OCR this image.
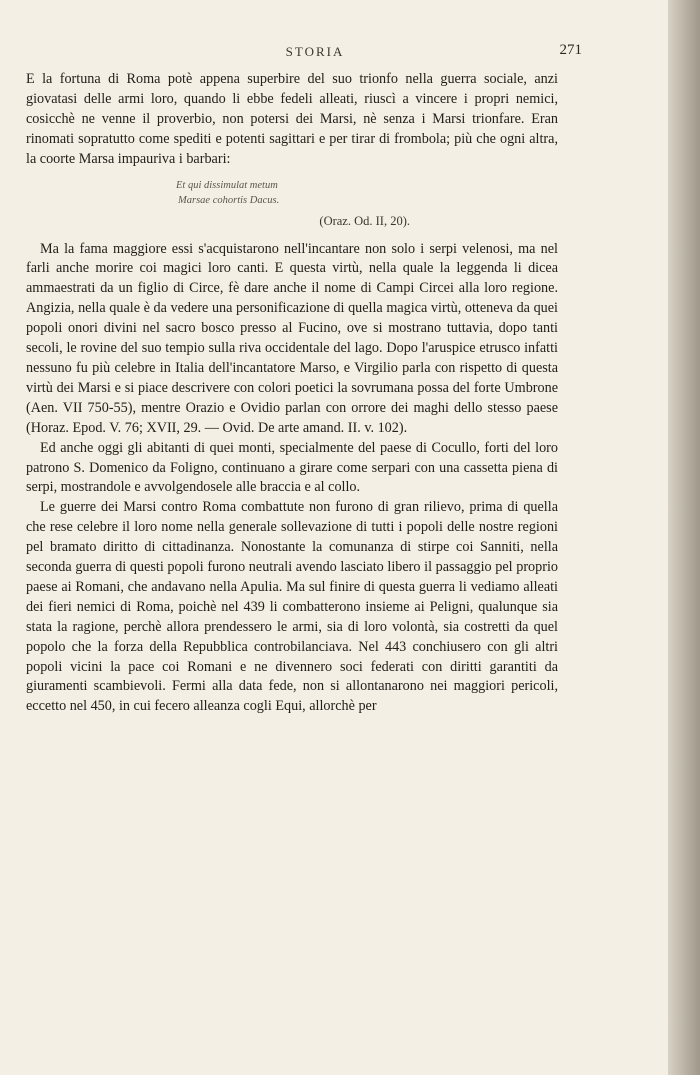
STORIA	271

E la fortuna di Roma potè appena superbire del suo trionfo nella guerra sociale, anzi giovatasi delle armi loro, quando li ebbe fedeli alleati, riuscì a vincere i propri nemici, cosicchè ne venne il proverbio, non potersi dei Marsi, nè senza i Marsi trionfare. Eran rinomati sopratutto come spediti e potenti sagittari e per tirar di frombola; più che ogni altra, la coorte Marsa impauriva i barbari:

Et qui dissimulat metum
Marsae cohortis Dacus.
(Oraz. Od. II, 20).

Ma la fama maggiore essi s'acquistarono nell'incantare non solo i serpi velenosi, ma nel farli anche morire coi magici loro canti. E questa virtù, nella quale la leggenda li dicea ammaestrati da un figlio di Circe, fè dare anche il nome di Campi Circei alla loro regione. Angizia, nella quale è da vedere una personificazione di quella magica virtù, otteneva da quei popoli onori divini nel sacro bosco presso al Fucino, ove si mostrano tuttavia, dopo tanti secoli, le rovine del suo tempio sulla riva occidentale del lago. Dopo l'aruspice etrusco infatti nessuno fu più celebre in Italia dell'incantatore Marso, e Virgilio parla con rispetto di questa virtù dei Marsi e si piace descrivere con colori poetici la sovrumana possa del forte Umbrone (Aen. VII 750-55), mentre Orazio e Ovidio parlan con orrore dei maghi dello stesso paese (Horaz. Epod. V. 76; XVII, 29. — Ovid. De arte amand. II. v. 102).

Ed anche oggi gli abitanti di quei monti, specialmente del paese di Cocullo, forti del loro patrono S. Domenico da Foligno, continuano a girare come serpari con una cassetta piena di serpi, mostrandole e avvolgendosele alle braccia e al collo.

Le guerre dei Marsi contro Roma combattute non furono di gran rilievo, prima di quella che rese celebre il loro nome nella generale sollevazione di tutti i popoli delle nostre regioni pel bramato diritto di cittadinanza. Nonostante la comunanza di stirpe coi Sanniti, nella seconda guerra di questi popoli furono neutrali avendo lasciato libero il passaggio pel proprio paese ai Romani, che andavano nella Apulia. Ma sul finire di questa guerra li vediamo alleati dei fieri nemici di Roma, poichè nel 439 li combatterono insieme ai Peligni, qualunque sia stata la ragione, perchè allora prendessero le armi, sia di loro volontà, sia costretti da quel popolo che la forza della Repubblica controbilanciava. Nel 443 conchiusero con gli altri popoli vicini la pace coi Romani e ne divennero soci federati con diritti garantiti da giuramenti scambievoli. Fermi alla data fede, non si allontanarono nei maggiori pericoli, eccetto nel 450, in cui fecero alleanza cogli Equi, allorchè per
